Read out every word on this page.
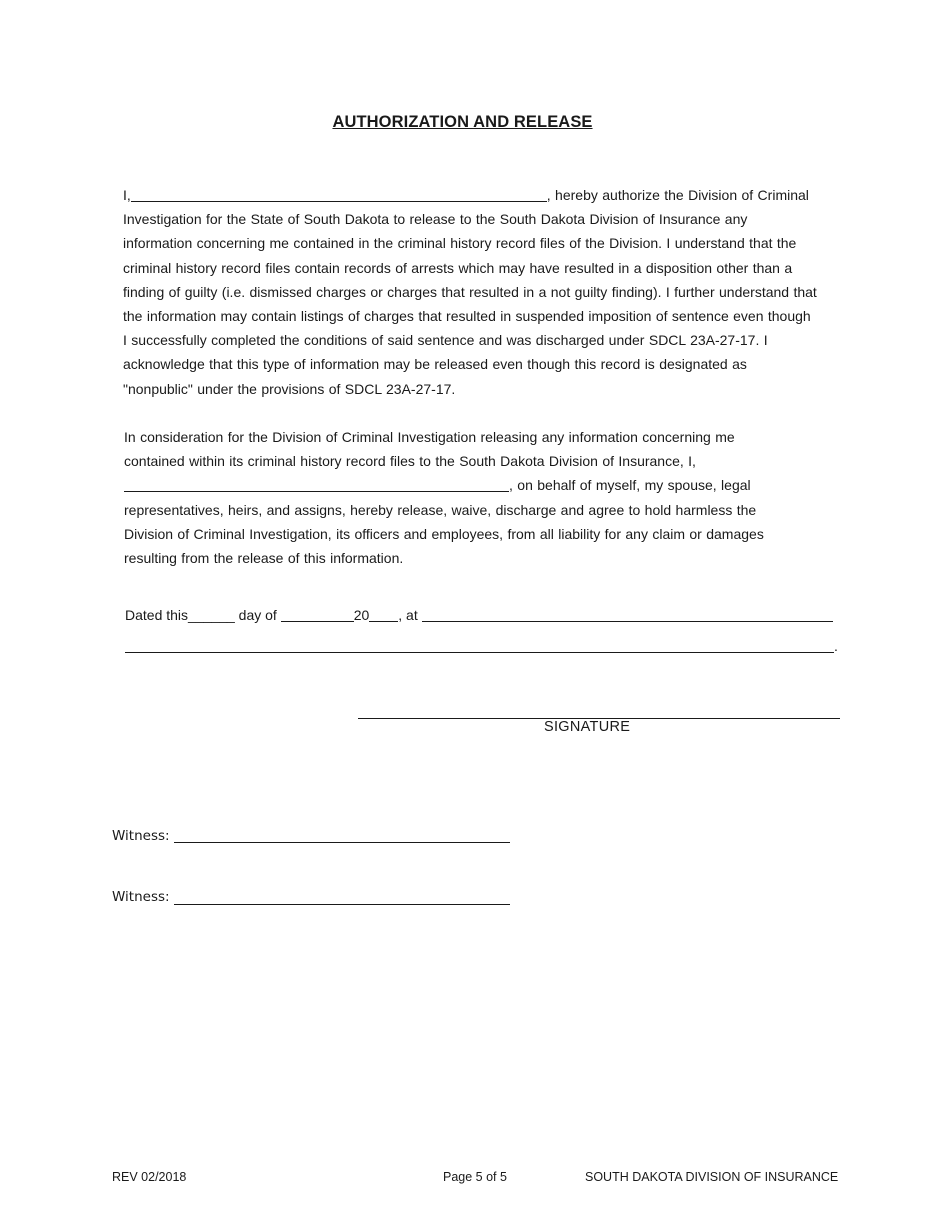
AUTHORIZATION AND RELEASE
I,	, hereby authorize the Division of Criminal
Investigation for the State of South Dakota to release to the South Dakota Division of Insurance any
information concerning me contained in the criminal history record files of the Division. I understand that the
criminal history record files contain records of arrests which may have resulted in a disposition other than a
finding of guilty (i.e. dismissed charges or charges that resulted in a not guilty finding). I further understand that
the information may contain listings of charges that resulted in suspended imposition of sentence even though
I successfully completed the conditions of said sentence and was discharged under SDCL 23A-27-17. I
acknowledge that this type of information may be released even though this record is designated as
"nonpublic" under the provisions of SDCL 23A-27-17.
In consideration for the Division of Criminal Investigation releasing any information concerning me
contained within its criminal history record files to the South Dakota Division of Insurance, I,
, on behalf of myself, my spouse, legal
representatives, heirs, and assigns, hereby release, waive, discharge and agree to hold harmless the
Division of Criminal Investigation, its officers and employees, from all liability for any claim or damages
resulting from the release of this information.
Dated this______ day of	20 , at
.
SIGNATURE
Witness:
Witness:
REV 02/2018	Page 5 of 5	SOUTH DAKOTA DIVISION OF INSURANCE
